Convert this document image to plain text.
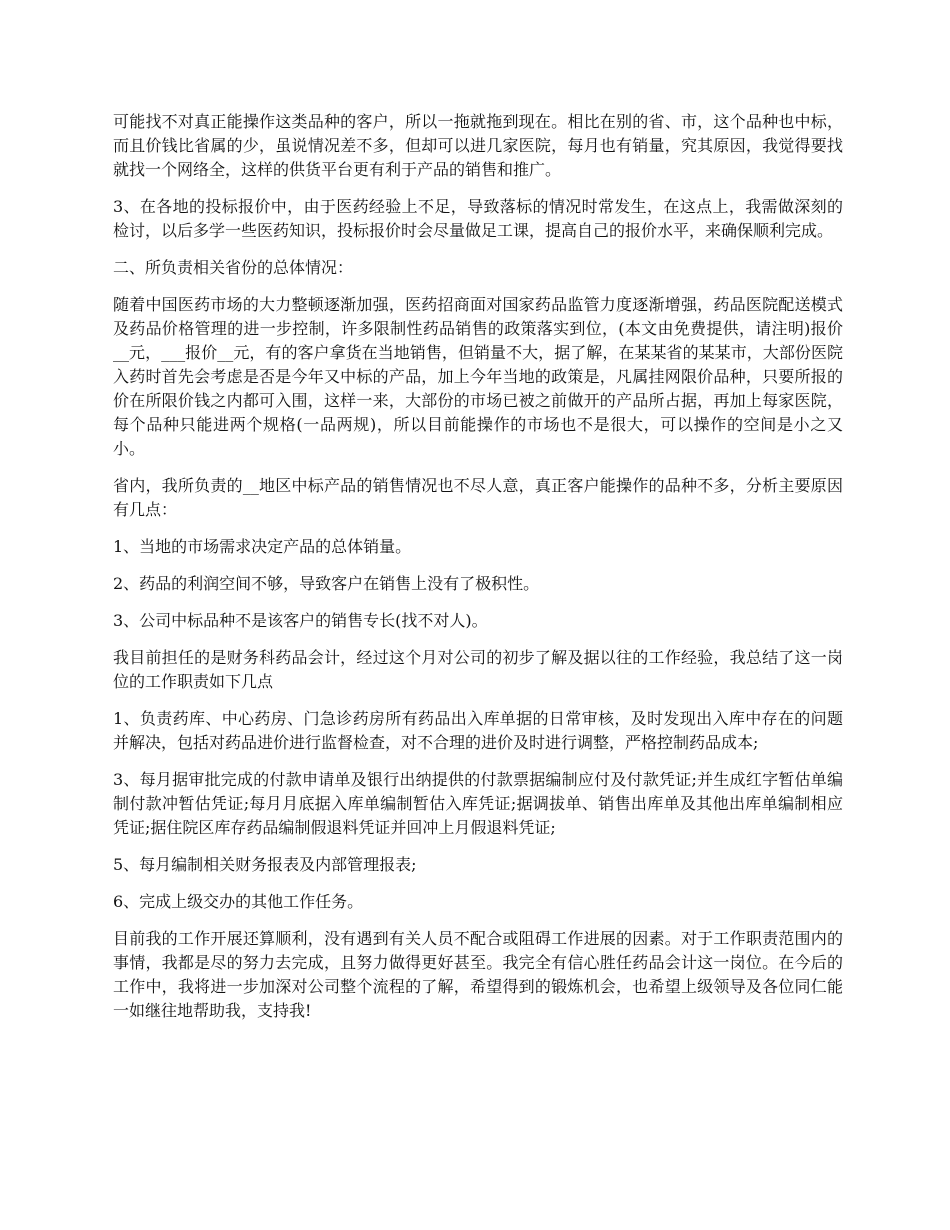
可能找不对真正能操作这类品种的客户，所以一拖就拖到现在。相比在别的省、市，这个品种也中标，而且价钱比省属的少，虽说情况差不多，但却可以进几家医院，每月也有销量，究其原因，我觉得要找就找一个网络全，这样的供货平台更有利于产品的销售和推广。

3、在各地的投标报价中，由于医药经验上不足，导致落标的情况时常发生，在这点上，我需做深刻的检讨，以后多学一些医药知识，投标报价时会尽量做足工课，提高自己的报价水平，来确保顺利完成。

二、所负责相关省份的总体情况：

随着中国医药市场的大力整顿逐渐加强，医药招商面对国家药品监管力度逐渐增强，药品医院配送模式及药品价格管理的进一步控制，许多限制性药品销售的政策落实到位，(本文由免费提供，请注明)报价__元，___报价__元，有的客户拿货在当地销售，但销量不大，据了解，在某某省的某某市，大部份医院入药时首先会考虑是否是今年又中标的产品，加上今年当地的政策是，凡属挂网限价品种，只要所报的价在所限价钱之内都可入围，这样一来，大部份的市场已被之前做开的产品所占据，再加上每家医院，每个品种只能进两个规格(一品两规)，所以目前能操作的市场也不是很大，可以操作的空间是小之又小。

省内，我所负责的__地区中标产品的销售情况也不尽人意，真正客户能操作的品种不多，分析主要原因有几点：

1、当地的市场需求决定产品的总体销量。

2、药品的利润空间不够，导致客户在销售上没有了极积性。

3、公司中标品种不是该客户的销售专长(找不对人)。

我目前担任的是财务科药品会计，经过这个月对公司的初步了解及据以往的工作经验，我总结了这一岗位的工作职责如下几点

1、负责药库、中心药房、门急诊药房所有药品出入库单据的日常审核，及时发现出入库中存在的问题并解决，包括对药品进价进行监督检查，对不合理的进价及时进行调整，严格控制药品成本;

3、每月据审批完成的付款申请单及银行出纳提供的付款票据编制应付及付款凭证;并生成红字暂估单编制付款冲暂估凭证;每月月底据入库单编制暂估入库凭证;据调拔单、销售出库单及其他出库单编制相应凭证;据住院区库存药品编制假退料凭证并回冲上月假退料凭证;

5、每月编制相关财务报表及内部管理报表;

6、完成上级交办的其他工作任务。

目前我的工作开展还算顺利，没有遇到有关人员不配合或阻碍工作进展的因素。对于工作职责范围内的事情，我都是尽的努力去完成，且努力做得更好甚至。我完全有信心胜任药品会计这一岗位。在今后的工作中，我将进一步加深对公司整个流程的了解，希望得到的锻炼机会，也希望上级领导及各位同仁能一如继往地帮助我，支持我!
